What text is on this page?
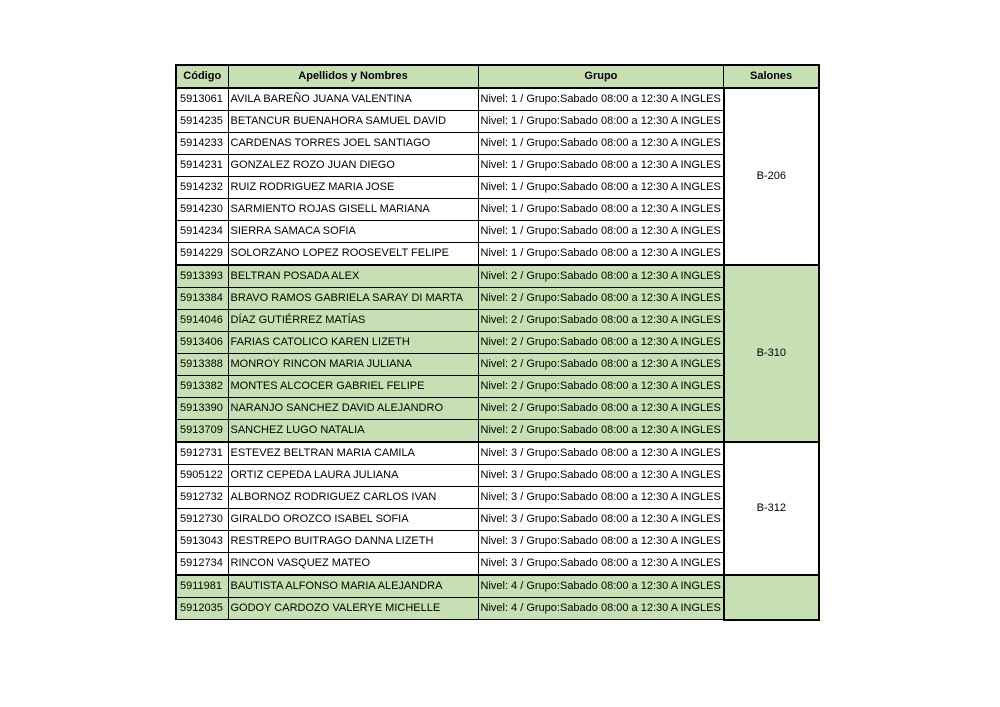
Código	Apellidos y Nombres	Grupo	Salones
5913061	AVILA BAREÑO JUANA VALENTINA	Nivel: 1 / Grupo:Sabado 08:00 a 12:30 A INGLES	B-206
5914235	BETANCUR BUENAHORA SAMUEL DAVID	Nivel: 1 / Grupo:Sabado 08:00 a 12:30 A INGLES	
5914233	CARDENAS TORRES JOEL SANTIAGO	Nivel: 1 / Grupo:Sabado 08:00 a 12:30 A INGLES	
5914231	GONZALEZ ROZO JUAN DIEGO	Nivel: 1 / Grupo:Sabado 08:00 a 12:30 A INGLES	
5914232	RUIZ RODRIGUEZ MARIA JOSE	Nivel: 1 / Grupo:Sabado 08:00 a 12:30 A INGLES	
5914230	SARMIENTO ROJAS GISELL MARIANA	Nivel: 1 / Grupo:Sabado 08:00 a 12:30 A INGLES	
5914234	SIERRA SAMACA SOFIA	Nivel: 1 / Grupo:Sabado 08:00 a 12:30 A INGLES	
5914229	SOLORZANO LOPEZ ROOSEVELT FELIPE	Nivel: 1 / Grupo:Sabado 08:00 a 12:30 A INGLES	
5913393	BELTRAN POSADA ALEX	Nivel: 2 / Grupo:Sabado 08:00 a 12:30 A INGLES	B-310
5913384	BRAVO RAMOS GABRIELA SARAY DI MARTA	Nivel: 2 / Grupo:Sabado 08:00 a 12:30 A INGLES	
5914046	DÍAZ GUTIÉRREZ MATÍAS	Nivel: 2 / Grupo:Sabado 08:00 a 12:30 A INGLES	
5913406	FARIAS CATOLICO KAREN LIZETH	Nivel: 2 / Grupo:Sabado 08:00 a 12:30 A INGLES	
5913388	MONROY RINCON MARIA JULIANA	Nivel: 2 / Grupo:Sabado 08:00 a 12:30 A INGLES	
5913382	MONTES ALCOCER GABRIEL FELIPE	Nivel: 2 / Grupo:Sabado 08:00 a 12:30 A INGLES	
5913390	NARANJO SANCHEZ DAVID ALEJANDRO	Nivel: 2 / Grupo:Sabado 08:00 a 12:30 A INGLES	
5913709	SANCHEZ LUGO NATALIA	Nivel: 2 / Grupo:Sabado 08:00 a 12:30 A INGLES	
5912731	ESTEVEZ BELTRAN MARIA CAMILA	Nivel: 3 / Grupo:Sabado 08:00 a 12:30 A INGLES	B-312
5905122	ORTIZ CEPEDA LAURA JULIANA	Nivel: 3 / Grupo:Sabado 08:00 a 12:30 A INGLES	
5912732	ALBORNOZ RODRIGUEZ CARLOS IVAN	Nivel: 3 / Grupo:Sabado 08:00 a 12:30 A INGLES	
5912730	GIRALDO OROZCO ISABEL SOFIA	Nivel: 3 / Grupo:Sabado 08:00 a 12:30 A INGLES	
5913043	RESTREPO BUITRAGO DANNA LIZETH	Nivel: 3 / Grupo:Sabado 08:00 a 12:30 A INGLES	
5912734	RINCON VASQUEZ MATEO	Nivel: 3 / Grupo:Sabado 08:00 a 12:30 A INGLES	
5911981	BAUTISTA ALFONSO MARIA ALEJANDRA	Nivel: 4 / Grupo:Sabado 08:00 a 12:30 A INGLES	
5912035	GODOY CARDOZO VALERYE MICHELLE	Nivel: 4 / Grupo:Sabado 08:00 a 12:30 A INGLES	
